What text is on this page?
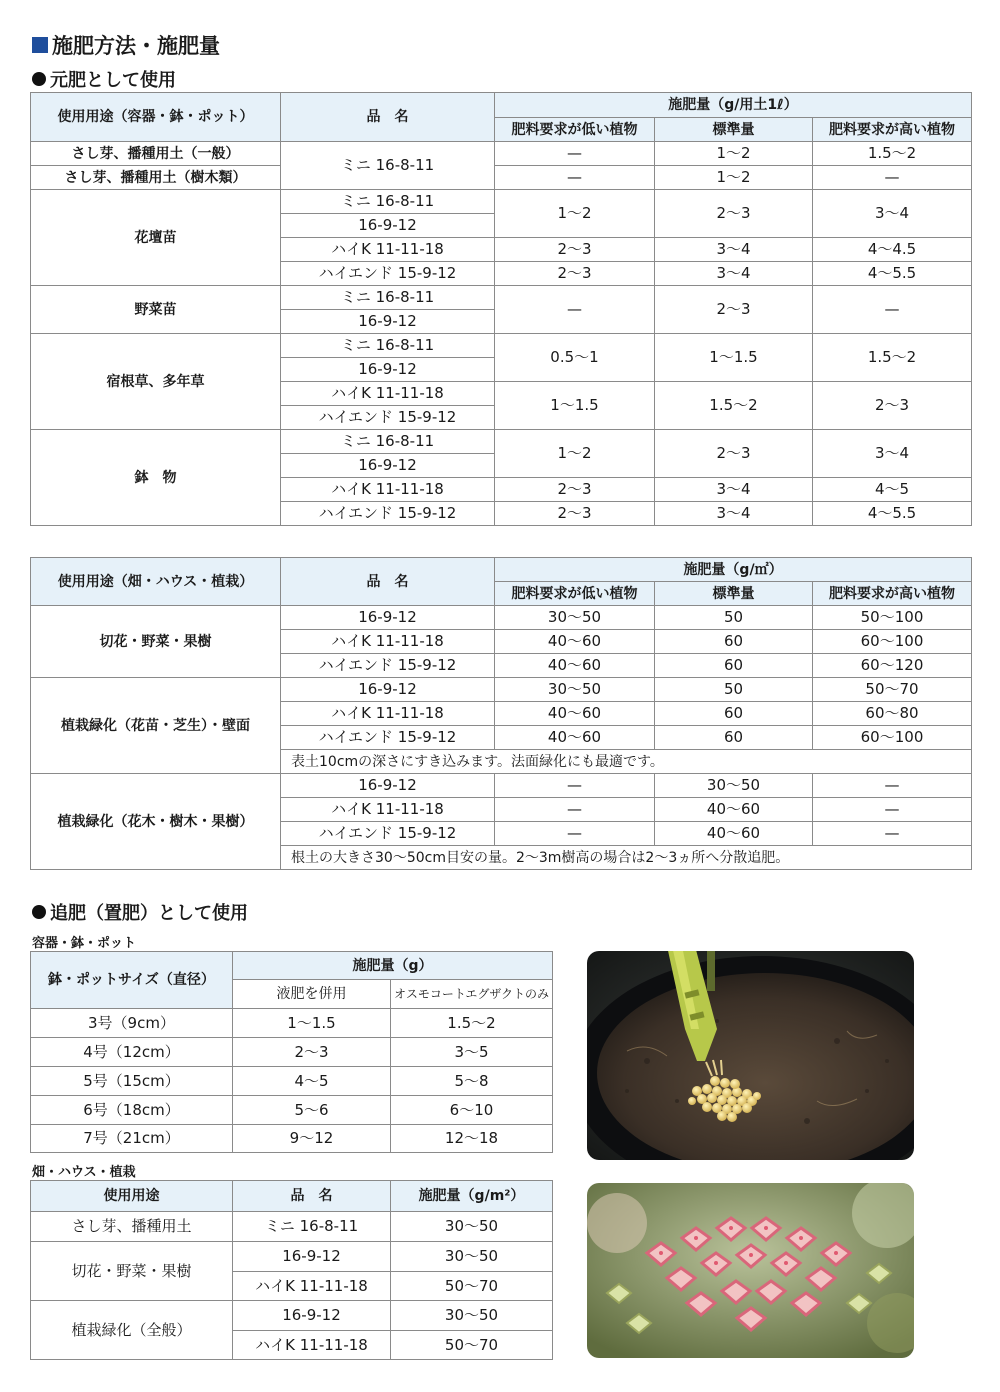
施肥方法・施肥量
元肥として使用
使用用途（容器・鉢・ポット）	品　名	施肥量（g/用土1ℓ）		
		肥料要求が低い植物	標準量	肥料要求が高い植物
さし芽、播種用土（一般）	ミニ 16-8-11	—	1～2	1.5～2
さし芽、播種用土（樹木類）		—	1～2	—
花壇苗	ミニ 16-8-11	1～2	2～3	3～4
	16-9-12			
	ハイK 11-11-18	2～3	3～4	4～4.5
	ハイエンド 15-9-12	2～3	3～4	4～5.5
野菜苗	ミニ 16-8-11	—	2～3	—
	16-9-12			
宿根草、多年草	ミニ 16-8-11	0.5～1	1～1.5	1.5～2
	16-9-12			
	ハイK 11-11-18	1～1.5	1.5～2	2～3
	ハイエンド 15-9-12			
鉢　物	ミニ 16-8-11	1～2	2～3	3～4
	16-9-12			
	ハイK 11-11-18	2～3	3～4	4～5
	ハイエンド 15-9-12	2～3	3～4	4～5.5
使用用途（畑・ハウス・植栽）	品　名	施肥量（g/㎡）		
		肥料要求が低い植物	標準量	肥料要求が高い植物
切花・野菜・果樹	16-9-12	30～50	50	50～100
	ハイK 11-11-18	40～60	60	60～100
	ハイエンド 15-9-12	40～60	60	60～120
植栽緑化（花苗・芝生）・壁面	16-9-12	30～50	50	50～70
	ハイK 11-11-18	40～60	60	60～80
	ハイエンド 15-9-12	40～60	60	60～100
	表土10cmの深さにすき込みます。法面緑化にも最適です。			
植栽緑化（花木・樹木・果樹）	16-9-12	—	30～50	—
	ハイK 11-11-18	—	40～60	—
	ハイエンド 15-9-12	—	40～60	—
	根土の大きさ30～50cm目安の量。2～3m樹高の場合は2～3ヵ所へ分散追肥。			
追肥（置肥）として使用
容器・鉢・ポット
鉢・ポットサイズ（直径）	施肥量（g）	
	液肥を併用	オスモコートエグザクトのみ
3号（9cm）	1～1.5	1.5～2
4号（12cm）	2～3	3～5
5号（15cm）	4～5	5～8
6号（18cm）	5～6	6～10
7号（21cm）	9～12	12～18
畑・ハウス・植栽
使用用途	品　名	施肥量（g/m²）
さし芽、播種用土	ミニ 16-8-11	30～50
切花・野菜・果樹	16-9-12	30～50
	ハイK 11-11-18	50～70
植栽緑化（全般）	16-9-12	30～50
	ハイK 11-11-18	50～70
